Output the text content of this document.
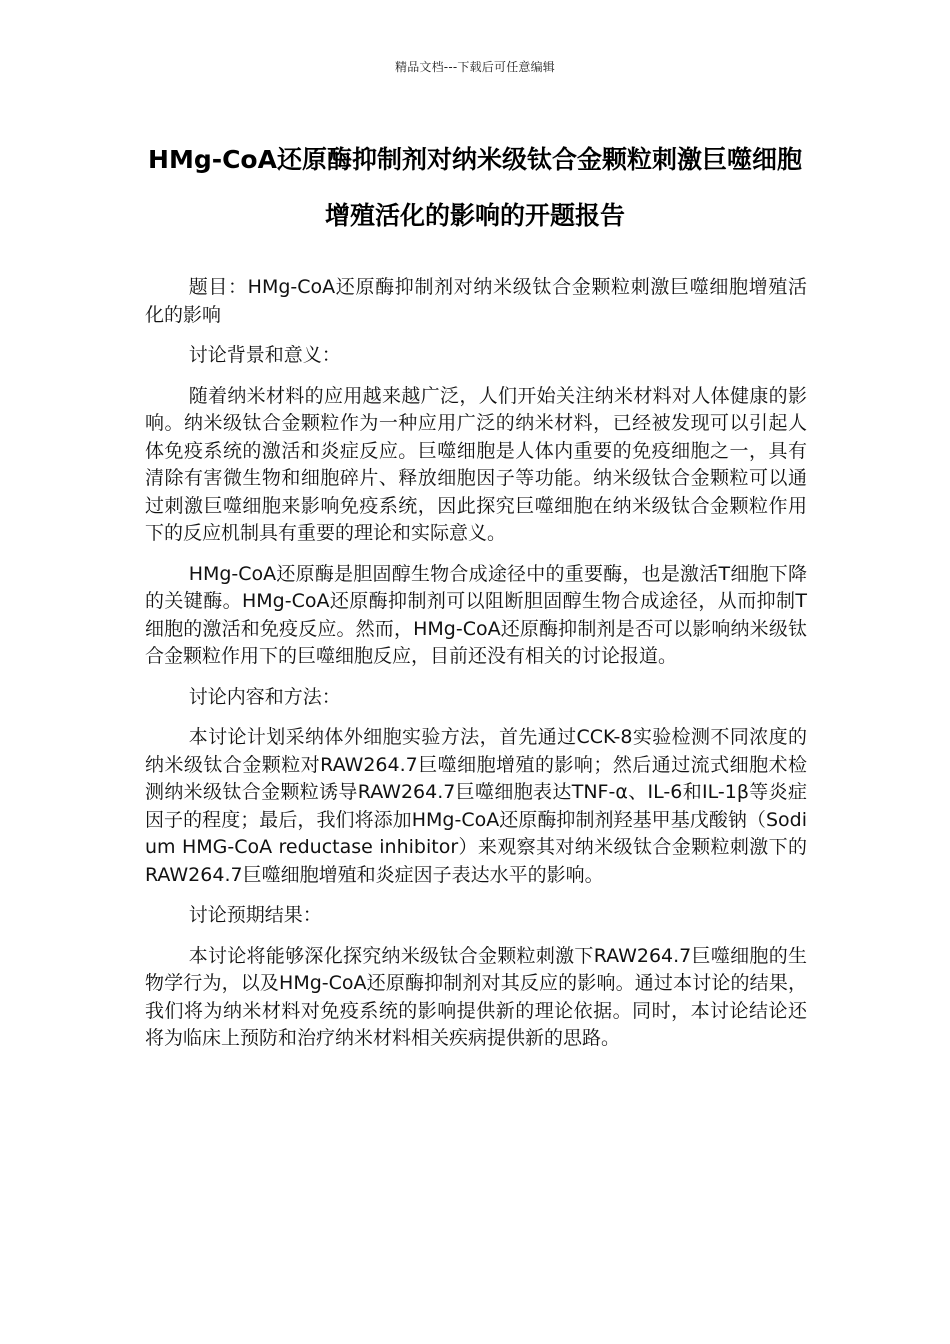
精品文档---下载后可任意编辑
HMg-CoA还原酶抑制剂对纳米级钛合金颗粒刺激巨噬细胞增殖活化的影响的开题报告

题目：HMg-CoA还原酶抑制剂对纳米级钛合金颗粒刺激巨噬细胞增殖活化的影响

讨论背景和意义：

随着纳米材料的应用越来越广泛，人们开始关注纳米材料对人体健康的影响。纳米级钛合金颗粒作为一种应用广泛的纳米材料，已经被发现可以引起人体免疫系统的激活和炎症反应。巨噬细胞是人体内重要的免疫细胞之一，具有清除有害微生物和细胞碎片、释放细胞因子等功能。纳米级钛合金颗粒可以通过刺激巨噬细胞来影响免疫系统，因此探究巨噬细胞在纳米级钛合金颗粒作用下的反应机制具有重要的理论和实际意义。

HMg-CoA还原酶是胆固醇生物合成途径中的重要酶，也是激活T细胞下降的关键酶。HMg-CoA还原酶抑制剂可以阻断胆固醇生物合成途径，从而抑制T细胞的激活和免疫反应。然而，HMg-CoA还原酶抑制剂是否可以影响纳米级钛合金颗粒作用下的巨噬细胞反应，目前还没有相关的讨论报道。

讨论内容和方法：

本讨论计划采纳体外细胞实验方法，首先通过CCK-8实验检测不同浓度的纳米级钛合金颗粒对RAW264.7巨噬细胞增殖的影响；然后通过流式细胞术检测纳米级钛合金颗粒诱导RAW264.7巨噬细胞表达TNF-α、IL-6和IL-1β等炎症因子的程度；最后，我们将添加HMg-CoA还原酶抑制剂羟基甲基戊酸钠（Sodium HMG-CoA reductase inhibitor）来观察其对纳米级钛合金颗粒刺激下的RAW264.7巨噬细胞增殖和炎症因子表达水平的影响。

讨论预期结果：

本讨论将能够深化探究纳米级钛合金颗粒刺激下RAW264.7巨噬细胞的生物学行为，以及HMg-CoA还原酶抑制剂对其反应的影响。通过本讨论的结果，我们将为纳米材料对免疫系统的影响提供新的理论依据。同时，本讨论结论还将为临床上预防和治疗纳米材料相关疾病提供新的思路。
